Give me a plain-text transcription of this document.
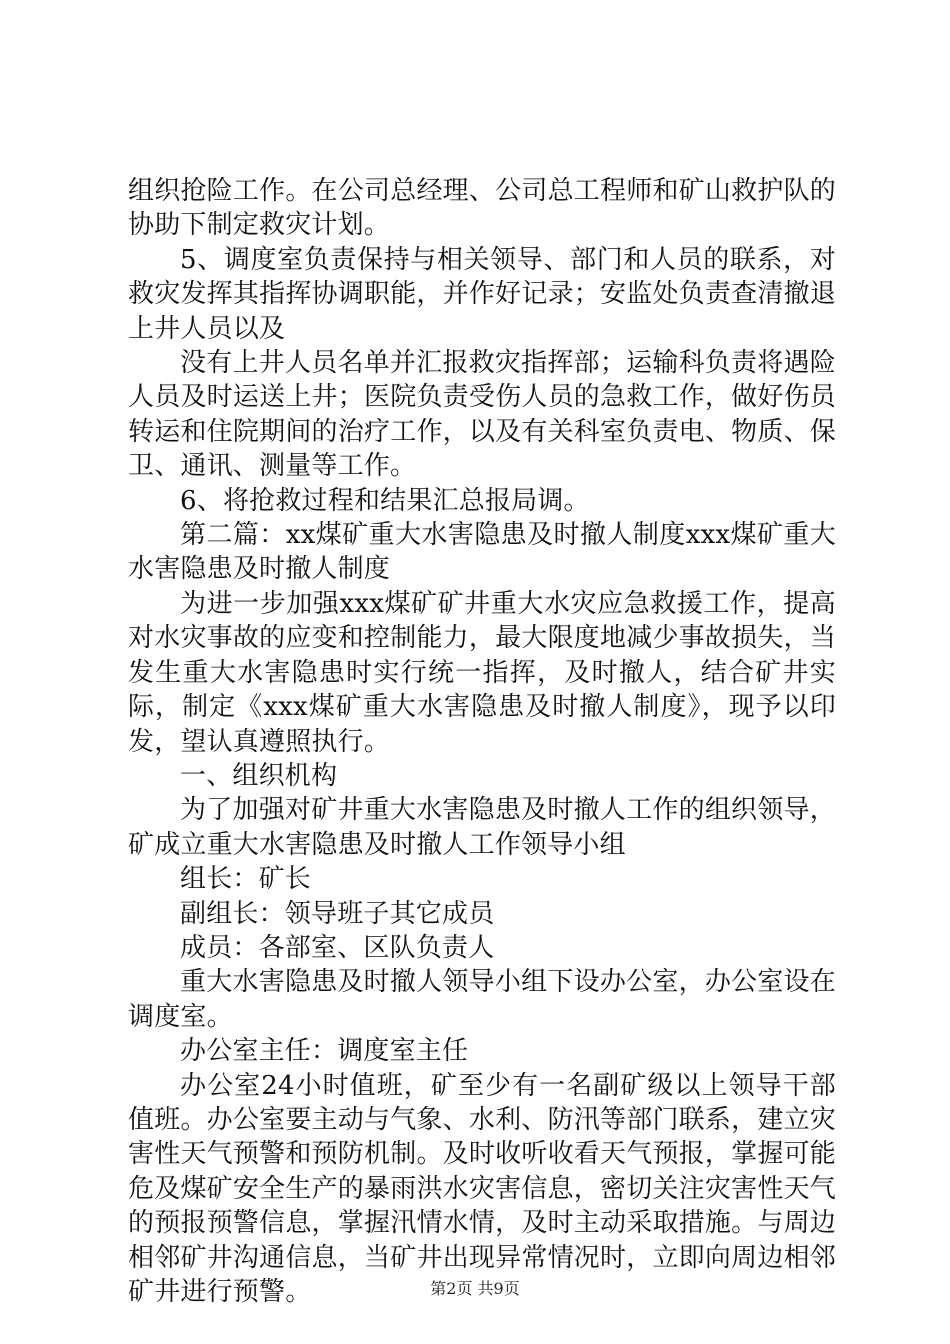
组织抢险工作。在公司总经理、公司总工程师和矿山救护队的协助下制定救灾计划。

5、调度室负责保持与相关领导、部门和人员的联系，对救灾发挥其指挥协调职能，并作好记录；安监处负责查清撤退上井人员以及

没有上井人员名单并汇报救灾指挥部；运输科负责将遇险人员及时运送上井；医院负责受伤人员的急救工作，做好伤员转运和住院期间的治疗工作，以及有关科室负责电、物质、保卫、通讯、测量等工作。

6、将抢救过程和结果汇总报局调。

第二篇：xx煤矿重大水害隐患及时撤人制度xxx煤矿重大水害隐患及时撤人制度

为进一步加强xxx煤矿矿井重大水灾应急救援工作，提高对水灾事故的应变和控制能力，最大限度地减少事故损失，当发生重大水害隐患时实行统一指挥，及时撤人，结合矿井实际，制定《xxx煤矿重大水害隐患及时撤人制度》，现予以印发，望认真遵照执行。

一、组织机构

为了加强对矿井重大水害隐患及时撤人工作的组织领导，矿成立重大水害隐患及时撤人工作领导小组

组长：矿长

副组长：领导班子其它成员

成员：各部室、区队负责人

重大水害隐患及时撤人领导小组下设办公室，办公室设在调度室。

办公室主任：调度室主任

办公室24小时值班，矿至少有一名副矿级以上领导干部值班。办公室要主动与气象、水利、防汛等部门联系，建立灾害性天气预警和预防机制。及时收听收看天气预报，掌握可能危及煤矿安全生产的暴雨洪水灾害信息，密切关注灾害性天气的预报预警信息，掌握汛情水情，及时主动采取措施。与周边相邻矿井沟通信息，当矿井出现异常情况时，立即向周边相邻矿井进行预警。	第2页 共9页
